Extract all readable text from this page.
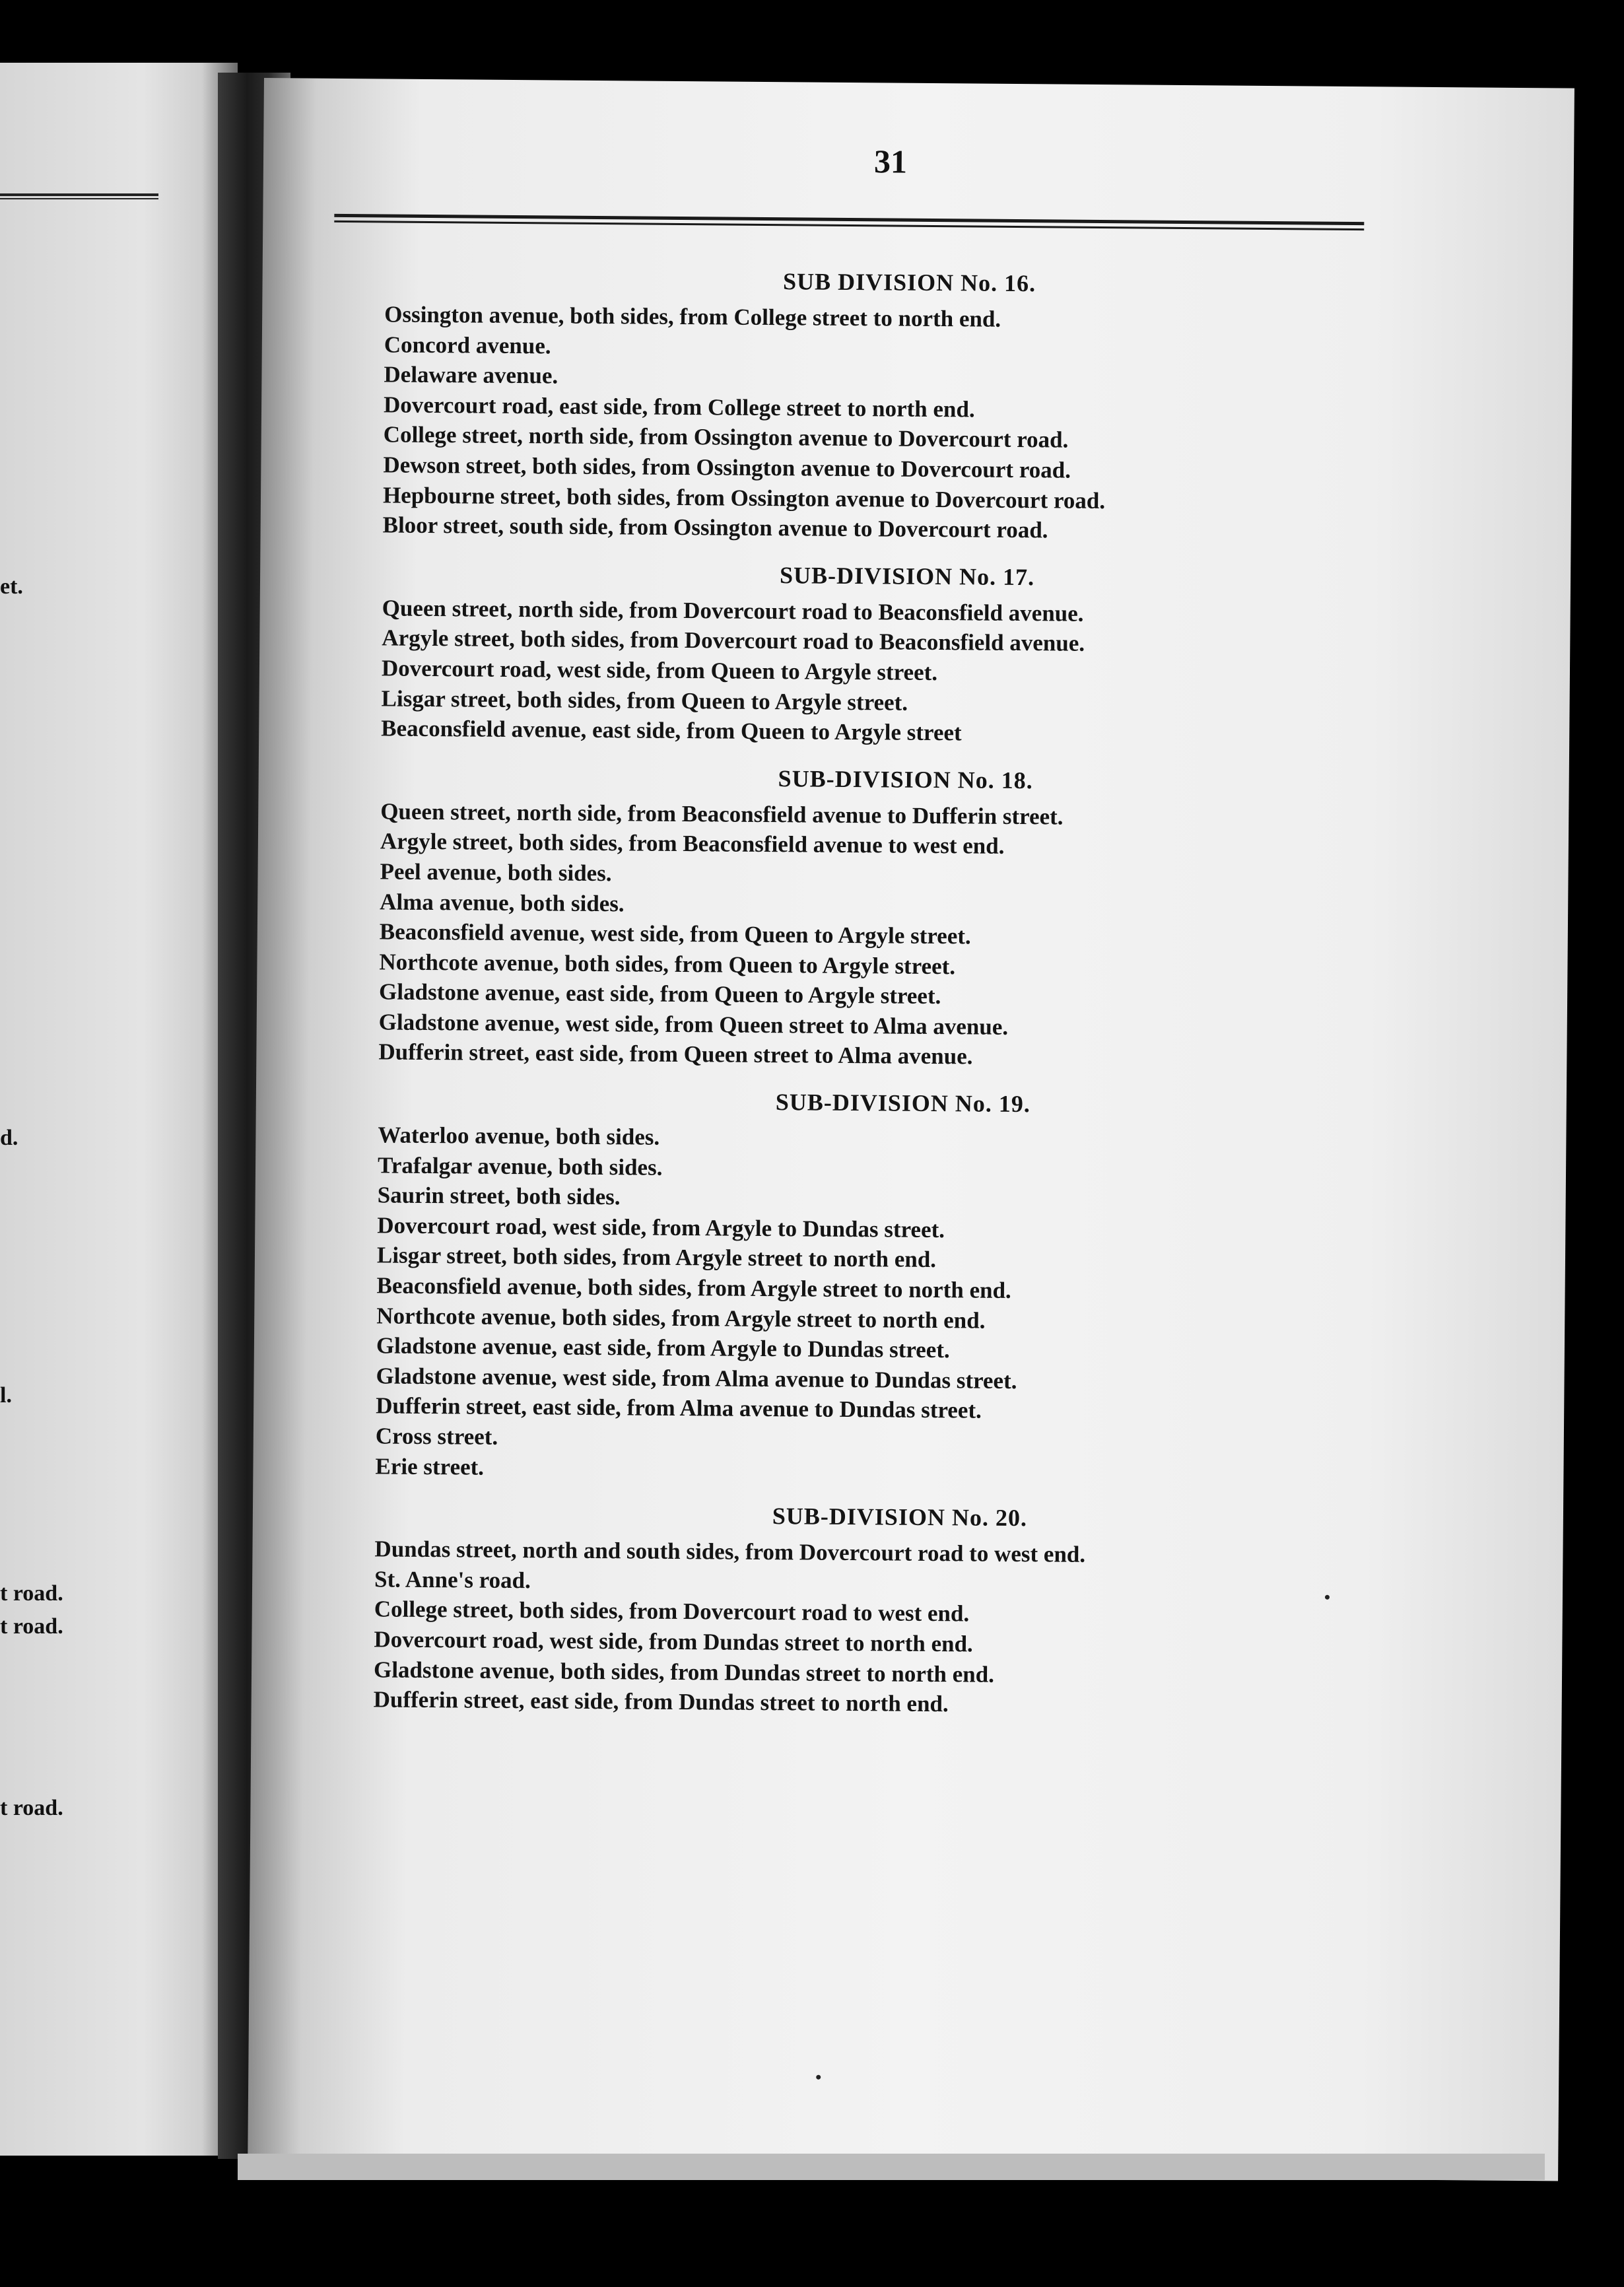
et.
d.
l.
t road.
t road.
t road.
31
SUB DIVISION No. 16.
Ossington avenue, both sides, from College street to north end.
Concord avenue.
Delaware avenue.
Dovercourt road, east side, from College street to north end.
College street, north side, from Ossington avenue to Dovercourt road.
Dewson street, both sides, from Ossington avenue to Dovercourt road.
Hepbourne street, both sides, from Ossington avenue to Dovercourt road.
Bloor street, south side, from Ossington avenue to Dovercourt road.
SUB-DIVISION No. 17.
Queen street, north side, from Dovercourt road to Beaconsfield avenue.
Argyle street, both sides, from Dovercourt road to Beaconsfield avenue.
Dovercourt road, west side, from Queen to Argyle street.
Lisgar street, both sides, from Queen to Argyle street.
Beaconsfield avenue, east side, from Queen to Argyle street
SUB-DIVISION No. 18.
Queen street, north side, from Beaconsfield avenue to Dufferin street.
Argyle street, both sides, from Beaconsfield avenue to west end.
Peel avenue, both sides.
Alma avenue, both sides.
Beaconsfield avenue, west side, from Queen to Argyle street.
Northcote avenue, both sides, from Queen to Argyle street.
Gladstone avenue, east side, from Queen to Argyle street.
Gladstone avenue, west side, from Queen street to Alma avenue.
Dufferin street, east side, from Queen street to Alma avenue.
SUB-DIVISION No. 19.
Waterloo avenue, both sides.
Trafalgar avenue, both sides.
Saurin street, both sides.
Dovercourt road, west side, from Argyle to Dundas street.
Lisgar street, both sides, from Argyle street to north end.
Beaconsfield avenue, both sides, from Argyle street to north end.
Northcote avenue, both sides, from Argyle street to north end.
Gladstone avenue, east side, from Argyle to Dundas street.
Gladstone avenue, west side, from Alma avenue to Dundas street.
Dufferin street, east side, from Alma avenue to Dundas street.
Cross street.
Erie street.
SUB-DIVISION No. 20.
Dundas street, north and south sides, from Dovercourt road to west end.
St. Anne's road.
College street, both sides, from Dovercourt road to west end.
Dovercourt road, west side, from Dundas street to north end.
Gladstone avenue, both sides, from Dundas street to north end.
Dufferin street, east side, from Dundas street to north end.
